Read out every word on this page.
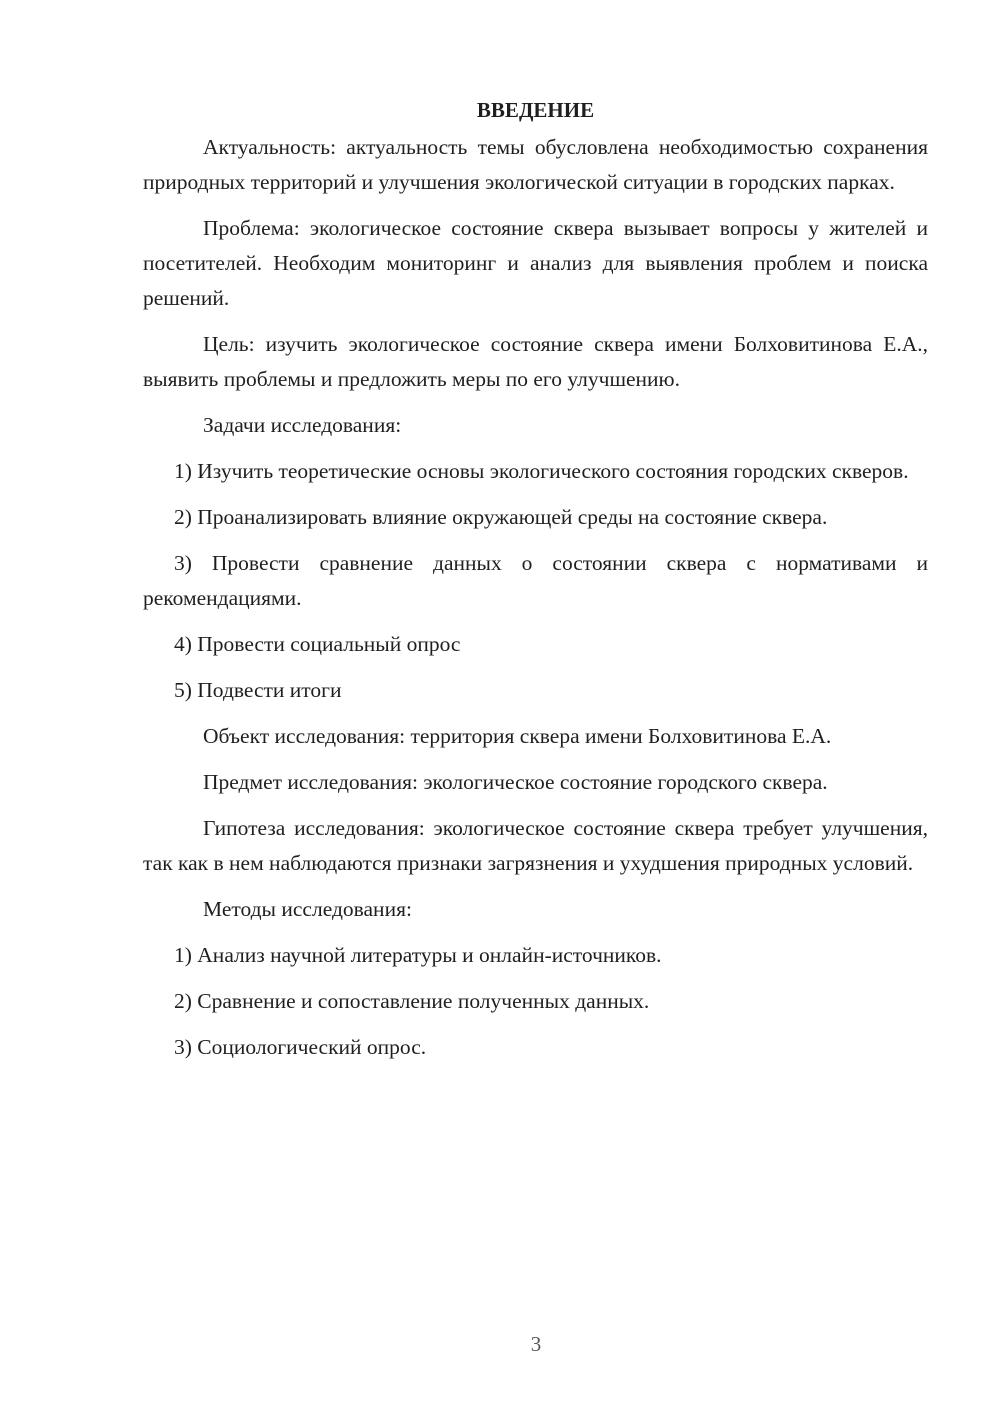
ВВЕДЕНИЕ

Актуальность: актуальность темы обусловлена необходимостью сохранения природных территорий и улучшения экологической ситуации в городских парках.

Проблема: экологическое состояние сквера вызывает вопросы у жителей и посетителей. Необходим мониторинг и анализ для выявления проблем и поиска решений.

Цель: изучить экологическое состояние сквера имени Болховитинова Е.А., выявить проблемы и предложить меры по его улучшению.

Задачи исследования:

1) Изучить теоретические основы экологического состояния городских скверов.

2) Проанализировать влияние окружающей среды на состояние сквера.

3) Провести сравнение данных о состоянии сквера с нормативами и рекомендациями.

4) Провести социальный опрос

5) Подвести итоги

Объект исследования: территория сквера имени Болховитинова Е.А.

Предмет исследования: экологическое состояние городского сквера.

Гипотеза исследования: экологическое состояние сквера требует улучшения, так как в нем наблюдаются признаки загрязнения и ухудшения природных условий.

Методы исследования:

1) Анализ научной литературы и онлайн-источников.

2) Сравнение и сопоставление полученных данных.

3) Социологический опрос.

3
